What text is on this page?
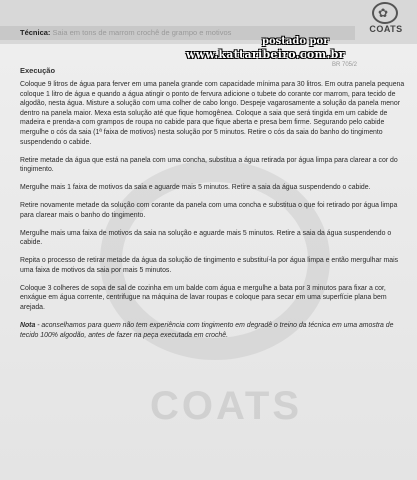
Técnica: Saia em tons de marrom crochê de grampo e motivos
✿
COATS
postado por
www.kattaribeiro.com.br
BR 705/2
COATS
Execução

Coloque 9 litros de água para ferver em uma panela grande com capacidade mínima para 30 litros. Em outra panela pequena coloque 1 litro de água e quando a água atingir o ponto de fervura adicione o tubete do corante cor marrom, para tecido de algodão, nesta água. Misture a solução com uma colher de cabo longo. Despeje vagarosamente a solução da panela menor dentro na panela maior. Mexa esta solução até que fique homogênea. Coloque a saia que será tingida em um cabide de madeira e prenda-a com grampos de roupa no cabide para que fique aberta e presa bem firme. Segurando pelo cabide mergulhe o cós da saia (1ª faixa de motivos) nesta solução por 5 minutos. Retire o cós da saia do banho do tingimento suspendendo o cabide.

Retire metade da água que está na panela com uma concha, substitua a água retirada por água limpa para clarear a cor do tingimento.

Mergulhe mais 1 faixa de motivos da saia e aguarde mais 5 minutos. Retire a saia da água suspendendo o cabide.

Retire novamente metade da solução com corante da panela com uma concha e substitua o que foi retirado por água limpa para clarear mais o banho do tingimento.

Mergulhe mais uma faixa de motivos da saia na solução e aguarde mais 5 minutos. Retire a saia da água suspendendo o cabide.

Repita o processo de retirar metade da água da solução de tingimento e substituí-la por água limpa e então mergulhar mais uma faixa de motivos da saia por mais 5 minutos.

Coloque 3 colheres de sopa de sal de cozinha em um balde com água e mergulhe a bata por 3 minutos para fixar a cor, enxágue em água corrente, centrifugue na máquina de lavar roupas e coloque para secar em uma superfície plana bem arejada.

Nota - aconselhamos para quem não tem experiência com tingimento em degradê o treino da técnica em uma amostra de tecido 100% algodão, antes de fazer na peça executada em crochê.
